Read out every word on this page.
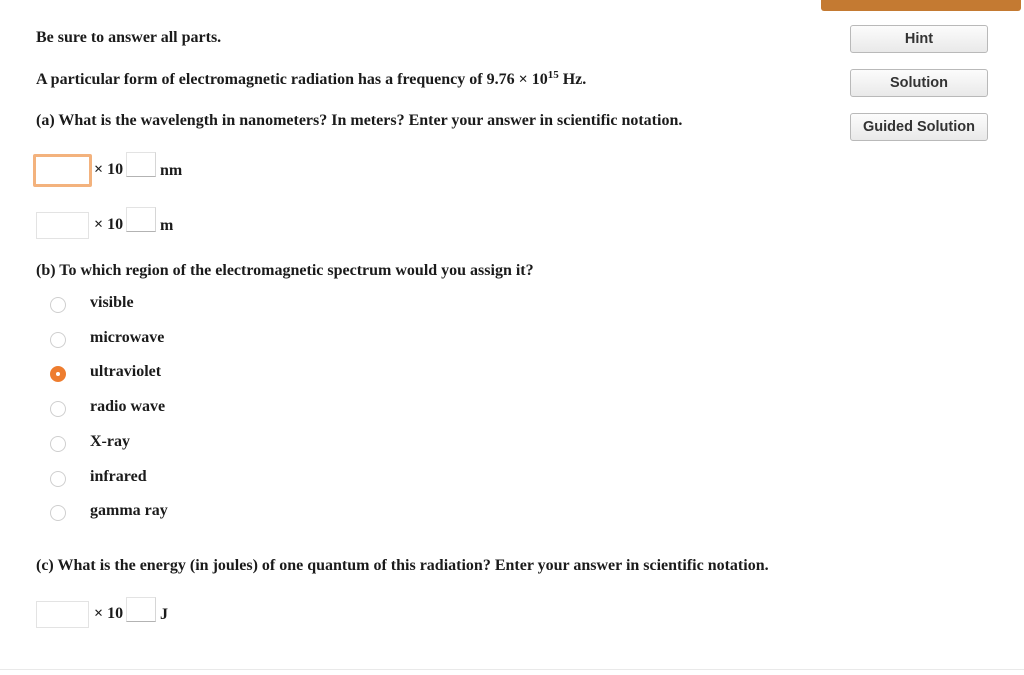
Hint
Solution
Guided Solution
Be sure to answer all parts.
A particular form of electromagnetic radiation has a frequency of $9.76 \times 10^{15}$ Hz.
(a) What is the wavelength in nanometers? In meters? Enter your answer in scientific notation.
× 10 nm
× 10 m
(b) To which region of the electromagnetic spectrum would you assign it?
visible
microwave
ultraviolet
radio wave
X-ray
infrared
gamma ray
(c) What is the energy (in joules) of one quantum of this radiation? Enter your answer in scientific notation.
× 10 J
